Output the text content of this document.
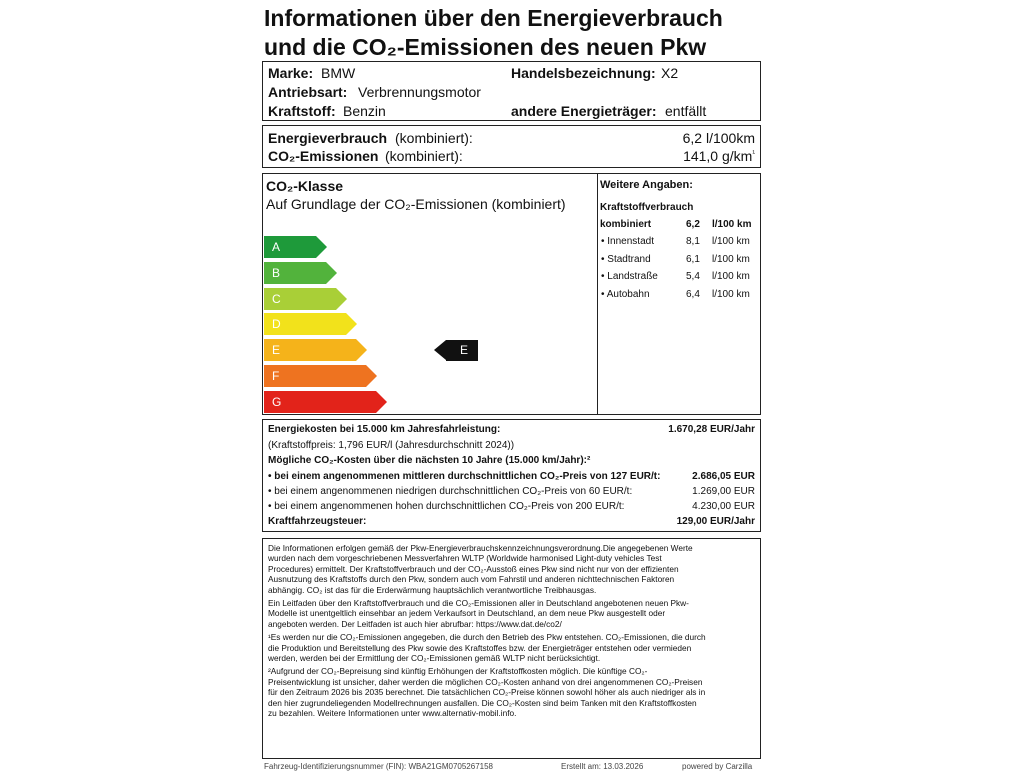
Informationen über den Energieverbrauch
und die CO₂-Emissionen des neuen Pkw
Marke: BMW	Handelsbezeichnung: X2
Antriebsart: Verbrennungsmotor
Kraftstoff: Benzin	andere Energieträger: entfällt
Energieverbrauch (kombiniert):	6,2 l/100km
CO₂-Emissionen (kombiniert):	141,0 $g/km^{^1}$
CO₂-Klasse
Auf Grundlage der CO₂-Emissionen (kombiniert)
A
B
C
D
E
F
G
E
Weitere Angaben:
Kraftstoffverbrauch
kombiniert	6,2 l/100 km
• Innenstadt	8,1 l/100 km
• Stadtrand	6,1 l/100 km
• Landstraße	5,4 l/100 km
• Autobahn	6,4 l/100 km
Energiekosten bei 15.000 km Jahresfahrleistung:	1.670,28 EUR/Jahr
(Kraftstoffpreis: 1,796 EUR/l (Jahresdurchschnitt 2024))
Mögliche CO₂-Kosten über die nächsten 10 Jahre (15.000 km/Jahr):²
• bei einem angenommenen mittleren durchschnittlichen CO₂-Preis von 127 EUR/t:	2.686,05 EUR
• bei einem angenommenen niedrigen durchschnittlichen CO₂-Preis von 60 EUR/t:	1.269,00 EUR
• bei einem angenommenen hohen durchschnittlichen CO₂-Preis von 200 EUR/t:	4.230,00 EUR
Kraftfahrzeugsteuer:	129,00 EUR/Jahr
Die Informationen erfolgen gemäß der Pkw-Energieverbrauchskennzeichnungsverordnung.Die angegebenen Werte
wurden nach dem vorgeschriebenen Messverfahren WLTP (Worldwide harmonised Light-duty vehicles Test
Procedures) ermittelt. Der Kraftstoffverbrauch und der CO₂-Ausstoß eines Pkw sind nicht nur von der effizienten
Ausnutzung des Kraftstoffs durch den Pkw, sondern auch vom Fahrstil und anderen nichttechnischen Faktoren
abhängig. CO₂ ist das für die Erderwärmung hauptsächlich verantwortliche Treibhausgas.
Ein Leitfaden über den Kraftstoffverbrauch und die CO₂-Emissionen aller in Deutschland angebotenen neuen Pkw-
Modelle ist unentgeltlich einsehbar an jedem Verkaufsort in Deutschland, an dem neue Pkw ausgestellt oder
angeboten werden. Der Leitfaden ist auch hier abrufbar: https://www.dat.de/co2/
¹Es werden nur die CO₂-Emissionen angegeben, die durch den Betrieb des Pkw entstehen. CO₂-Emissionen, die durch
die Produktion und Bereitstellung des Pkw sowie des Kraftstoffes bzw. der Energieträger entstehen oder vermieden
werden, werden bei der Ermittlung der CO₂-Emissionen gemäß WLTP nicht berücksichtigt.
²Aufgrund der CO₂-Bepreisung sind künftig Erhöhungen der Kraftstoffkosten möglich. Die künftige CO₂-
Preisentwicklung ist unsicher, daher werden die möglichen CO₂-Kosten anhand von drei angenommenen CO₂-Preisen
für den Zeitraum 2026 bis 2035 berechnet. Die tatsächlichen CO₂-Preise können sowohl höher als auch niedriger als in
den hier zugrundeliegenden Modellrechnungen ausfallen. Die CO₂-Kosten sind beim Tanken mit den Kraftstoffkosten
zu bezahlen. Weitere Informationen unter www.alternativ-mobil.info.
Fahrzeug-Identifizierungsnummer (FIN): WBA21GM0705267158	Erstellt am: 13.03.2026	powered by Carzilla
